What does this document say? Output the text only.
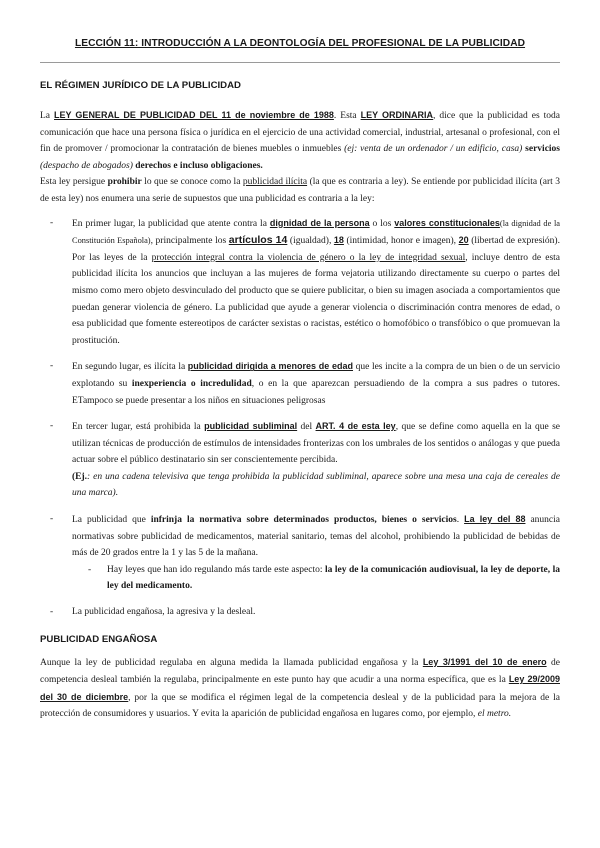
LECCIÓN 11: INTRODUCCIÓN A LA DEONTOLOGÍA DEL PROFESIONAL DE LA PUBLICIDAD
EL RÉGIMEN JURÍDICO DE LA PUBLICIDAD

La LEY GENERAL DE PUBLICIDAD DEL 11 de noviembre de 1988. Esta LEY ORDINARIA, dice que la publicidad es toda comunicación que hace una persona física o jurídica en el ejercicio de una actividad comercial, industrial, artesanal o profesional, con el fin de promover / promocionar la contratación de bienes muebles o inmuebles (ej: venta de un ordenador / un edificio, casa) servicios (despacho de abogados) derechos e incluso obligaciones.

Esta ley persigue prohibir lo que se conoce como la publicidad ilícita (la que es contraria a ley). Se entiende por publicidad ilícita (art 3 de esta ley) nos enumera una serie de supuestos que una publicidad es contraria a la ley:

- En primer lugar, la publicidad que atente contra la dignidad de la persona o los valores constitucionales(la dignidad de la Constitución Española), principalmente los artículos 14 (igualdad), 18 (intimidad, honor e imagen), 20 (libertad de expresión). Por las leyes de la protección integral contra la violencia de género o la ley de integridad sexual, incluye dentro de esta publicidad ilícita los anuncios que incluyan a las mujeres de forma vejatoria utilizando directamente su cuerpo o partes del mismo como mero objeto desvinculado del producto que se quiere publicitar, o bien su imagen asociada a comportamientos que puedan generar violencia de género. La publicidad que ayude a generar violencia o discriminación contra menores de edad, o esa publicidad que fomente estereotipos de carácter sexistas o racistas, estético o homofóbico o transfóbico o que promuevan la prostitución.

- En segundo lugar, es ilícita la publicidad dirigida a menores de edad que les incite a la compra de un bien o de un servicio explotando su inexperiencia o incredulidad, o en la que aparezcan persuadiendo de la compra a sus padres o tutores. ETampoco se puede presentar a los niños en situaciones peligrosas

- En tercer lugar, está prohibida la publicidad subliminal del ART. 4 de esta ley, que se define como aquella en la que se utilizan técnicas de producción de estímulos de intensidades fronterizas con los umbrales de los sentidos o análogas y que pueda actuar sobre el público destinatario sin ser conscientemente percibida.

(Ej.: en una cadena televisiva que tenga prohibida la publicidad subliminal, aparece sobre una mesa una caja de cereales de una marca).

- La publicidad que infrinja la normativa sobre determinados productos, bienes o servicios. La ley del 88 anuncia normativas sobre publicidad de medicamentos, material sanitario, temas del alcohol, prohibiendo la publicidad de bebidas de más de 20 grados entre la 1 y las 5 de la mañana.

- Hay leyes que han ido regulando más tarde este aspecto: la ley de la comunicación audiovisual, la ley de deporte, la ley del medicamento.

- La publicidad engañosa, la agresiva y la desleal.

PUBLICIDAD ENGAÑOSA

Aunque la ley de publicidad regulaba en alguna medida la llamada publicidad engañosa y la Ley 3/1991 del 10 de enero de competencia desleal también la regulaba, principalmente en este punto hay que acudir a una norma específica, que es la Ley 29/2009 del 30 de diciembre, por la que se modifica el régimen legal de la competencia desleal y de la publicidad para la mejora de la protección de consumidores y usuarios. Y evita la aparición de publicidad engañosa en lugares como, por ejemplo, el metro.
